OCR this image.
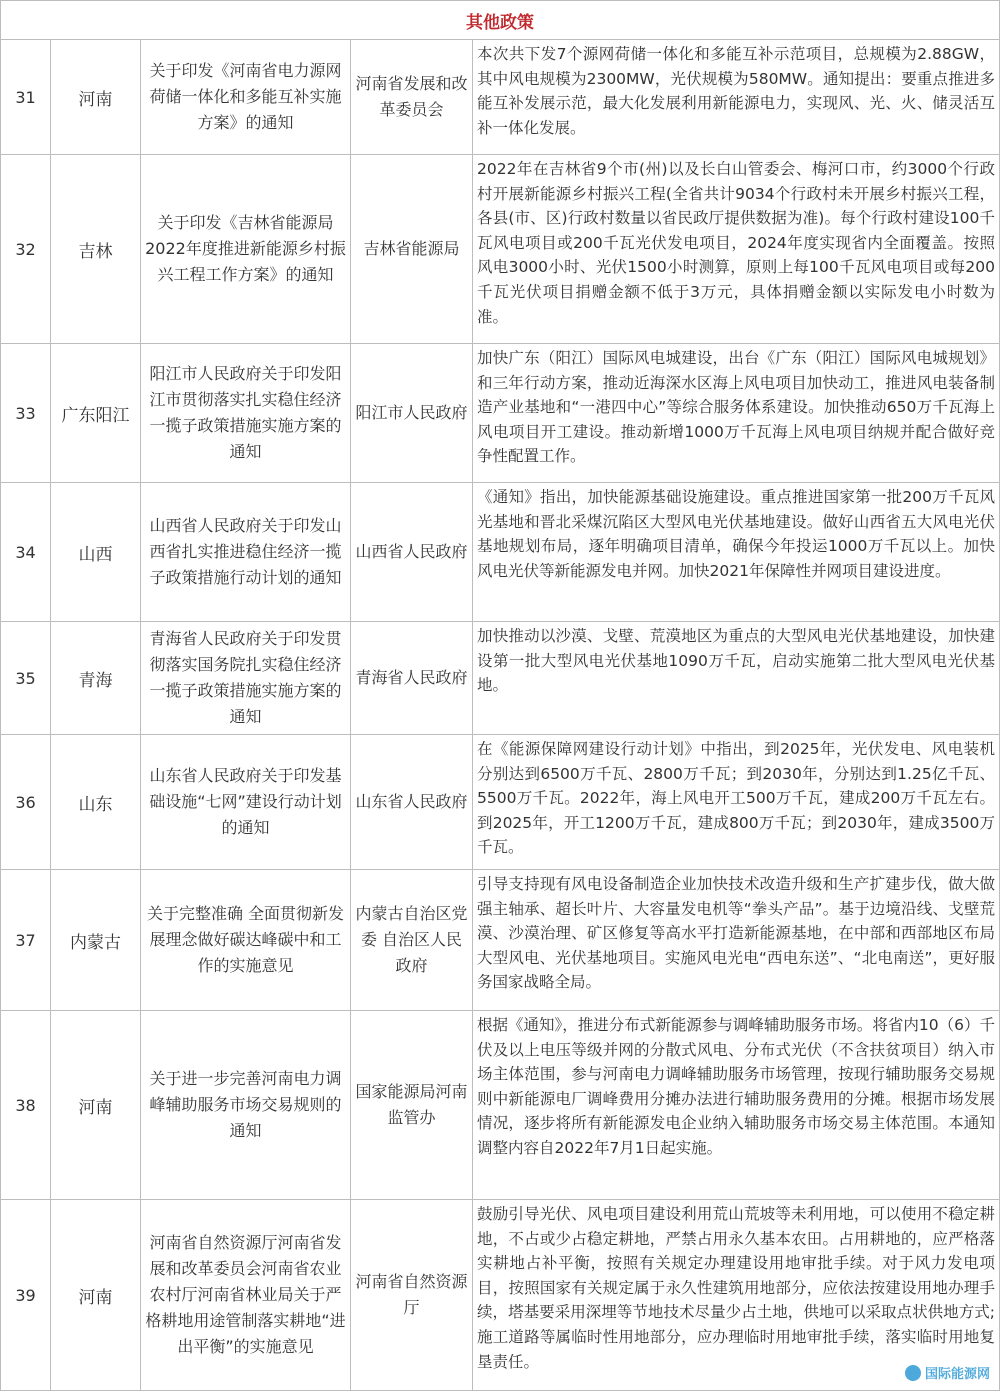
其他政策				
31	河南	关于印发《河南省电力源网荷储一体化和多能互补实施方案》的通知	河南省发展和改革委员会	本次共下发7个源网荷储一体化和多能互补示范项目，总规模为2.88GW，其中风电规模为2300MW，光伏规模为580MW。通知提出：要重点推进多能互补发展示范，最大化发展利用新能源电力，实现风、光、火、储灵活互补一体化发展。

32	吉林	关于印发《吉林省能源局2022年度推进新能源乡村振兴工程工作方案》的通知	吉林省能源局	2022年在吉林省9个市(州)以及长白山管委会、梅河口市，约3000个行政村开展新能源乡村振兴工程(全省共计9034个行政村未开展乡村振兴工程，各县(市、区)行政村数量以省民政厅提供数据为准)。每个行政村建设100千瓦风电项目或200千瓦光伏发电项目，2024年度实现省内全面覆盖。按照风电3000小时、光伏1500小时测算，原则上每100千瓦风电项目或每200千瓦光伏项目捐赠金额不低于3万元，具体捐赠金额以实际发电小时数为准。

33	广东阳江	阳江市人民政府关于印发阳江市贯彻落实扎实稳住经济一揽子政策措施实施方案的通知	阳江市人民政府	加快广东（阳江）国际风电城建设，出台《广东（阳江）国际风电城规划》和三年行动方案，推动近海深水区海上风电项目加快动工，推进风电装备制造产业基地和“一港四中心”等综合服务体系建设。加快推动650万千瓦海上风电项目开工建设。推动新增1000万千瓦海上风电项目纳规并配合做好竞争性配置工作。

34	山西	山西省人民政府关于印发山西省扎实推进稳住经济一揽子政策措施行动计划的通知	山西省人民政府	《通知》指出，加快能源基础设施建设。重点推进国家第一批200万千瓦风光基地和晋北采煤沉陷区大型风电光伏基地建设。做好山西省五大风电光伏基地规划布局，逐年明确项目清单，确保今年投运1000万千瓦以上。加快风电光伏等新能源发电并网。加快2021年保障性并网项目建设进度。

35	青海	青海省人民政府关于印发贯彻落实国务院扎实稳住经济一揽子政策措施实施方案的通知	青海省人民政府	加快推动以沙漠、戈壁、荒漠地区为重点的大型风电光伏基地建设，加快建设第一批大型风电光伏基地1090万千瓦，启动实施第二批大型风电光伏基地。

36	山东	山东省人民政府关于印发基础设施“七网”建设行动计划的通知	山东省人民政府	在《能源保障网建设行动计划》中指出，到2025年，光伏发电、风电装机分别达到6500万千瓦、2800万千瓦；到2030年，分别达到1.25亿千瓦、5500万千瓦。2022年，海上风电开工500万千瓦，建成200万千瓦左右。到2025年，开工1200万千瓦，建成800万千瓦；到2030年，建成3500万千瓦。

37	内蒙古	关于完整准确 全面贯彻新发展理念做好碳达峰碳中和工作的实施意见	内蒙古自治区党委 自治区人民政府	引导支持现有风电设备制造企业加快技术改造升级和生产扩建步伐，做大做强主轴承、超长叶片、大容量发电机等“拳头产品”。基于边境沿线、戈壁荒漠、沙漠治理、矿区修复等高水平打造新能源基地，在中部和西部地区布局大型风电、光伏基地项目。实施风电光电“西电东送”、“北电南送”，更好服务国家战略全局。

38	河南	关于进一步完善河南电力调峰辅助服务市场交易规则的通知	国家能源局河南监管办	根据《通知》，推进分布式新能源参与调峰辅助服务市场。将省内10（6）千伏及以上电压等级并网的分散式风电、分布式光伏（不含扶贫项目）纳入市场主体范围，参与河南电力调峰辅助服务市场管理，按现行辅助服务交易规则中新能源电厂调峰费用分摊办法进行辅助服务费用的分摊。根据市场发展情况，逐步将所有新能源发电企业纳入辅助服务市场交易主体范围。本通知调整内容自2022年7月1日起实施。

39	河南	河南省自然资源厅河南省发展和改革委员会河南省农业农村厅河南省林业局关于严格耕地用途管制落实耕地“进出平衡”的实施意见	河南省自然资源厅	鼓励引导光伏、风电项目建设利用荒山荒坡等未利用地，可以使用不稳定耕地，不占或少占稳定耕地，严禁占用永久基本农田。占用耕地的，应严格落实耕地占补平衡，按照有关规定办理建设用地审批手续。对于风力发电项目，按照国家有关规定属于永久性建筑用地部分，应依法按建设用地办理手续，塔基要采用深埋等节地技术尽量少占土地，供地可以采取点状供地方式;施工道路等属临时性用地部分，应办理临时用地审批手续，落实临时用地复垦责任。
国际能源网
